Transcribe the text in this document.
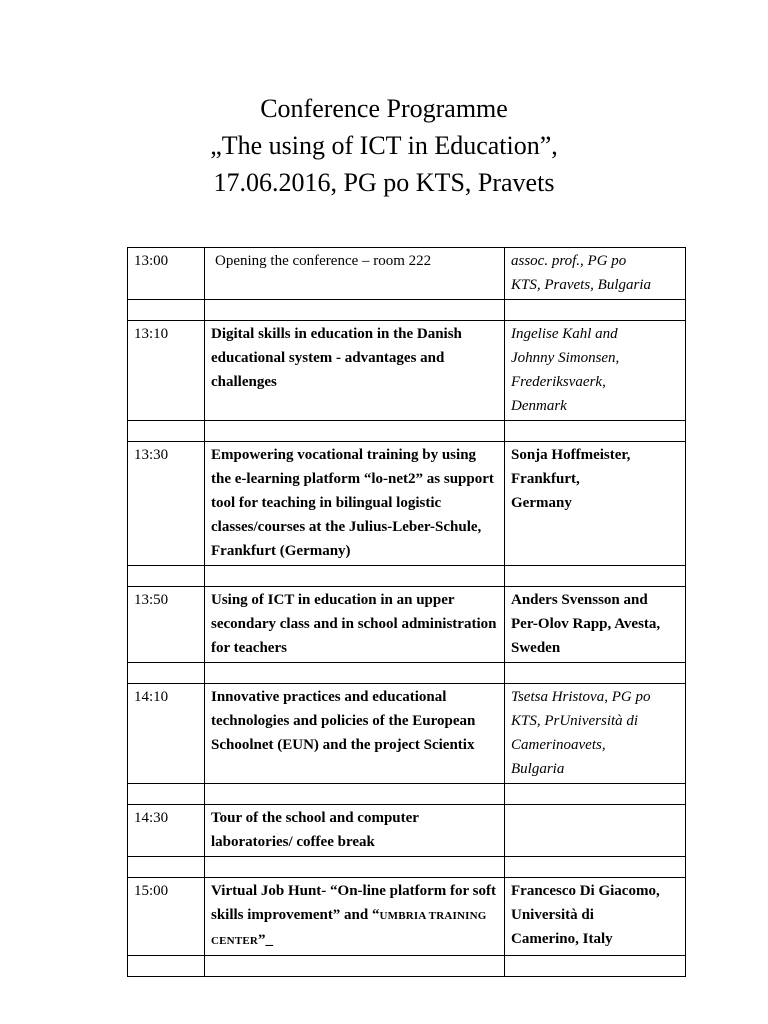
Conference Programme
„The using of ICT in Education”,
17.06.2016, PG po KTS, Pravets
13:00	Opening the conference – room 222	assoc. prof., PG po
KTS, Pravets, Bulgaria

13:10	Digital skills in education in the Danish educational system - advantages and challenges	Ingelise Kahl and
Johnny Simonsen,
Frederiksvaerk,
Denmark

13:30	Empowering vocational training by using the e-learning platform “lo-net2” as support tool for teaching in bilingual logistic classes/courses at the Julius-Leber-Schule, Frankfurt (Germany)	Sonja Hoffmeister,
Frankfurt,
Germany

13:50	Using of ICT in education in an upper secondary class and in school administration for teachers	Anders Svensson and
Per-Olov Rapp, Avesta,
Sweden

14:10	Innovative practices and educational technologies and policies of the European Schoolnet (EUN) and the project Scientix	Tsetsa Hristova, PG po
KTS, PrUniversità di
Camerinoavets,
Bulgaria

14:30	Tour of the school and computer laboratories/ coffee break	

15:00	Virtual Job Hunt- “On-line platform for soft skills improvement” and “UMBRIA TRAINING CENTER”_	Francesco Di Giacomo,
Università di
Camerino, Italy
